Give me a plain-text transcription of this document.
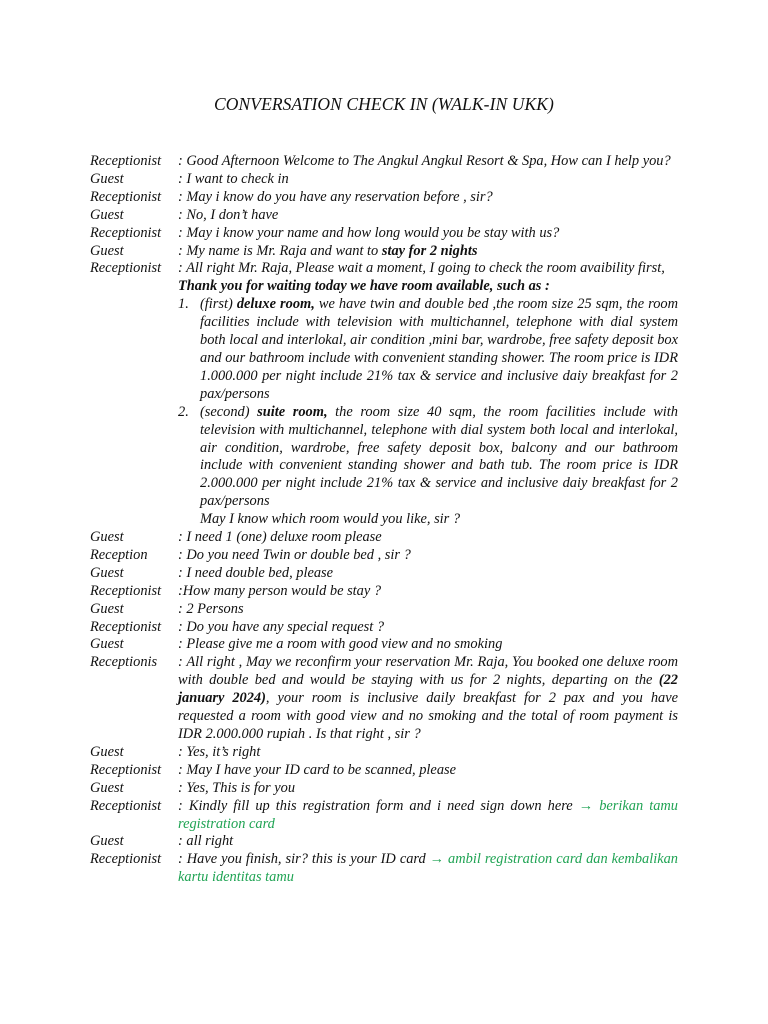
CONVERSATION CHECK IN (WALK-IN UKK)
Receptionist	: Good Afternoon Welcome to The Angkul Angkul Resort & Spa, How can I help you?
Guest	: I want to check in
Receptionist	: May i know do you have any reservation before , sir?
Guest	: No, I don’t have
Receptionist	: May i know your name and how long would you be stay with us?
Guest	: My name is Mr. Raja and want to stay for 2 nights
Receptionist	: All right Mr. Raja, Please wait a moment, I going to check the room avaibility first,
Thank you for waiting today we have room available, such as :
1. (first) deluxe room, we have twin and double bed ,the room size 25 sqm, the room facilities include with television with multichannel, telephone with dial system both local and interlokal, air condition ,mini bar, wardrobe, free safety deposit box and our bathroom include with convenient standing shower. The room price is IDR 1.000.000 per night include 21% tax & service and inclusive daiy breakfast for 2 pax/persons
2. (second) suite room, the room size 40 sqm, the room facilities include with television with multichannel, telephone with dial system both local and interlokal, air condition, wardrobe, free safety deposit box, balcony and our bathroom include with convenient standing shower and bath tub. The room price is IDR 2.000.000 per night include 21% tax & service and inclusive daiy breakfast for 2 pax/persons
May I know which room would you like, sir ?
Guest	: I need 1 (one) deluxe room please
Reception	: Do you need Twin or double bed , sir ?
Guest	: I need double bed, please
Receptionist	:How many person would be stay ?
Guest	: 2 Persons
Receptionist	: Do you have any special request ?
Guest	: Please give me a room with good view and no smoking
Receptionis	: All right , May we reconfirm your reservation Mr. Raja, You booked one deluxe room with double bed and would be staying with us for 2 nights, departing on the (22 january 2024), your room is inclusive daily breakfast for 2 pax and you have requested a room with good view and no smoking and the total of room payment is IDR 2.000.000 rupiah . Is that right , sir ?
Guest	: Yes, it’s right
Receptionist	: May I have your ID card to be scanned, please
Guest	: Yes, This is for you
Receptionist	: Kindly fill up this registration form and i need sign down here → berikan tamu registration card
Guest	: all right
Receptionist	: Have you finish, sir? this is your ID card → ambil registration card dan kembalikan kartu identitas tamu
